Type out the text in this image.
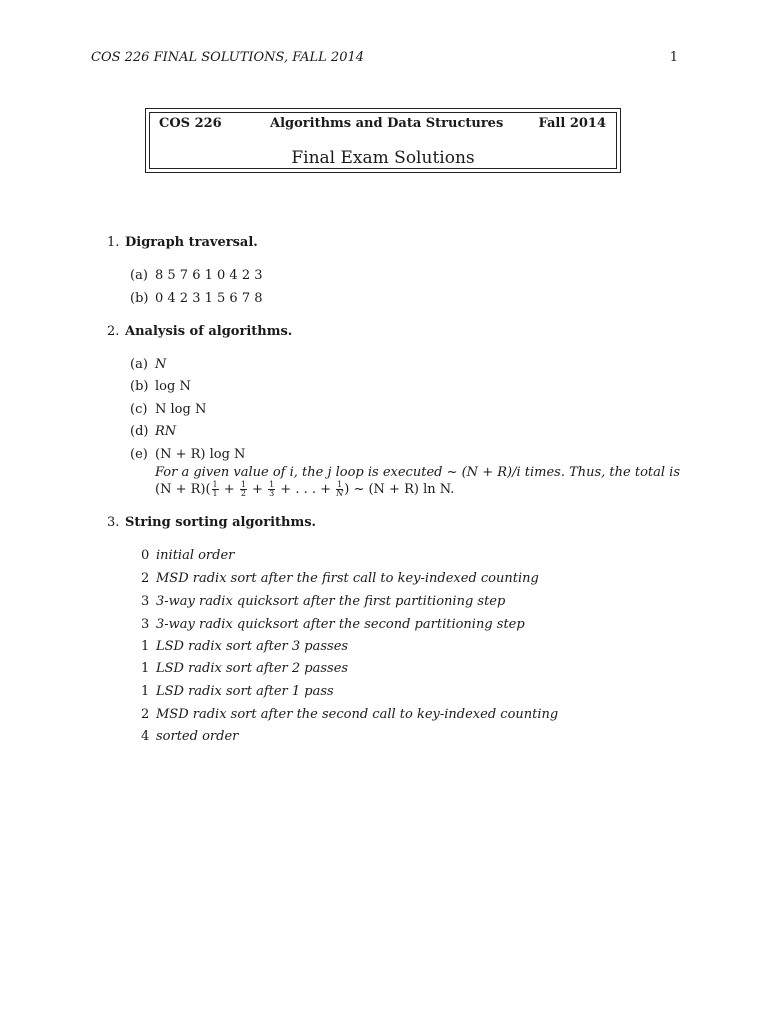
COS 226 FINAL SOLUTIONS, FALL 2014	1
COS 226	Algorithms and Data Structures	Fall 2014
Final Exam Solutions
1. Digraph traversal.
(a) 8 5 7 6 1 0 4 2 3
(b) 0 4 2 3 1 5 6 7 8
2. Analysis of algorithms.
(a) N
(b) log N
(c) N log N
(d) RN
(e) (N + R) log N
For a given value of i, the j loop is executed ~ (N + R)/i times. Thus, the total is
$(N + R)( \frac{1}{1} + \frac{1}{2} + \frac{1}{3}$ + . . . + $\frac{1}{N}$ ) ~ (N + R) ln N.
3. String sorting algorithms.
0 initial order
2 MSD radix sort after the first call to key-indexed counting
3 3-way radix quicksort after the first partitioning step
3 3-way radix quicksort after the second partitioning step
1 LSD radix sort after 3 passes
1 LSD radix sort after 2 passes
1 LSD radix sort after 1 pass
2 MSD radix sort after the second call to key-indexed counting
4 sorted order
